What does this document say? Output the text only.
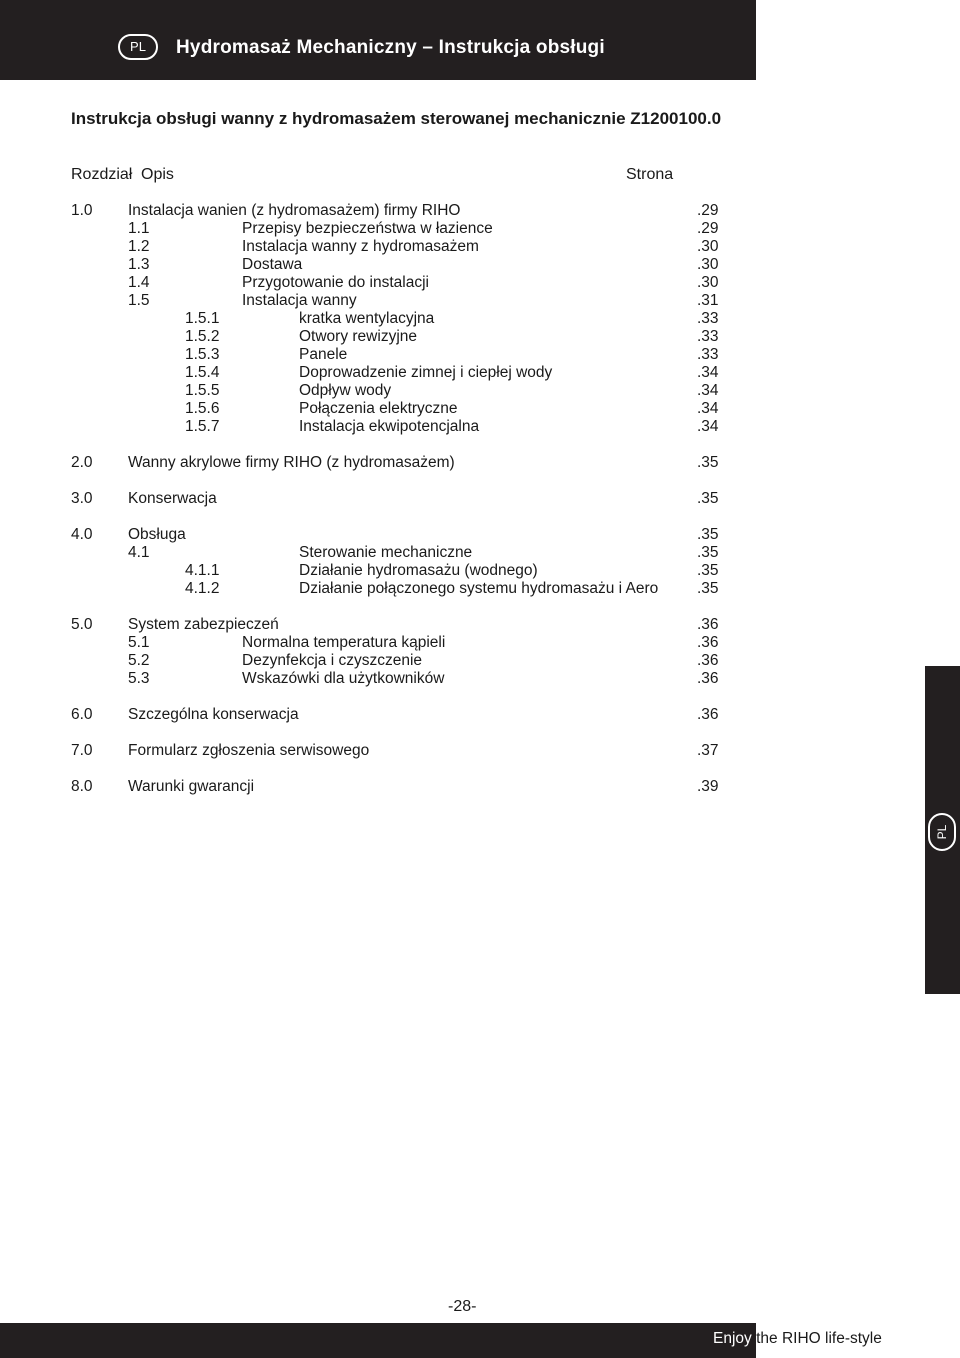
PL	Hydromasaż Mechaniczny – Instrukcja obsługi
Instrukcja obsługi wanny z hydromasażem sterowanej mechanicznie Z1200100.0
Rozdział Opis	Strona
1.0 Instalacja wanien (z hydromasażem) firmy RIHO	.29
1.1	Przepisy bezpieczeństwa w łazience	.29
1.2	Instalacja wanny z hydromasażem	.30
1.3	Dostawa	.30
1.4	Przygotowanie do instalacji	.30
1.5	Instalacja wanny	.31
1.5.1	kratka wentylacyjna	.33
1.5.2	Otwory rewizyjne	.33
1.5.3	Panele	.33
1.5.4	Doprowadzenie zimnej i ciepłej wody	.34
1.5.5	Odpływ wody	.34
1.5.6	Połączenia elektryczne	.34
1.5.7	Instalacja ekwipotencjalna	.34
2.0 Wanny akrylowe firmy RIHO (z hydromasażem)	.35
3.0 Konserwacja	.35
4.0 Obsługa	.35
4.1	Sterowanie mechaniczne	.35
4.1.1	Działanie hydromasażu (wodnego)	.35
4.1.2	Działanie połączonego systemu hydromasażu i Aero .35
5.0 System zabezpieczeń	.36
5.1	Normalna temperatura kąpieli	.36
5.2	Dezynfekcja i czyszczenie	.36
5.3	Wskazówki dla użytkowników	.36
6.0 Szczególna konserwacja	.36
7.0 Formularz zgłoszenia serwisowego	.37
8.0 Warunki gwarancji	.39
PL
-28-
Enjoy the RIHO life-style
